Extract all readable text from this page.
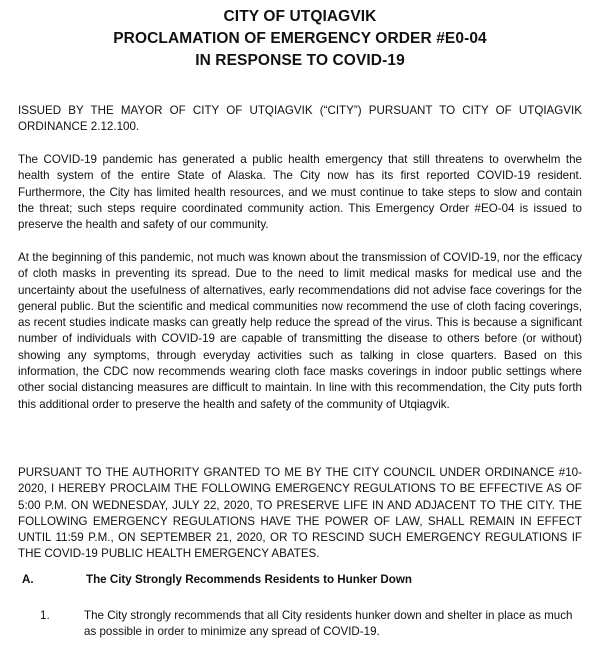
CITY OF UTQIAGVIK
PROCLAMATION OF EMERGENCY ORDER #E0-04
IN RESPONSE TO COVID-19

ISSUED BY THE MAYOR OF CITY OF UTQIAGVIK (“CITY”) PURSUANT TO CITY OF UTQIAGVIK ORDINANCE 2.12.100.

The COVID-19 pandemic has generated a public health emergency that still threatens to overwhelm the health system of the entire State of Alaska. The City now has its first reported COVID-19 resident. Furthermore, the City has limited health resources, and we must continue to take steps to slow and contain the threat; such steps require coordinated community action. This Emergency Order #EO-04 is issued to preserve the health and safety of our community.

At the beginning of this pandemic, not much was known about the transmission of COVID-19, nor the efficacy of cloth masks in preventing its spread. Due to the need to limit medical masks for medical use and the uncertainty about the usefulness of alternatives, early recommendations did not advise face coverings for the general public. But the scientific and medical communities now recommend the use of cloth facing coverings, as recent studies indicate masks can greatly help reduce the spread of the virus. This is because a significant number of individuals with COVID-19 are capable of transmitting the disease to others before (or without) showing any symptoms, through everyday activities such as talking in close quarters. Based on this information, the CDC now recommends wearing cloth face masks coverings in indoor public settings where other social distancing measures are difficult to maintain. In line with this recommendation, the City puts forth this additional order to preserve the health and safety of the community of Utqiagvik.

PURSUANT TO THE AUTHORITY GRANTED TO ME BY THE CITY COUNCIL UNDER ORDINANCE #10-2020, I HEREBY PROCLAIM THE FOLLOWING EMERGENCY REGULATIONS TO BE EFFECTIVE AS OF 5:00 P.M. ON WEDNESDAY, JULY 22, 2020, TO PRESERVE LIFE IN AND ADJACENT TO THE CITY. THE FOLLOWING EMERGENCY REGULATIONS HAVE THE POWER OF LAW, SHALL REMAIN IN EFFECT UNTIL 11:59 P.M., ON SEPTEMBER 21, 2020, OR TO RESCIND SUCH EMERGENCY REGULATIONS IF THE COVID-19 PUBLIC HEALTH EMERGENCY ABATES.

A.	The City Strongly Recommends Residents to Hunker Down
1.	The City strongly recommends that all City residents hunker down and shelter in place as much as possible in order to minimize any spread of COVID-19.
